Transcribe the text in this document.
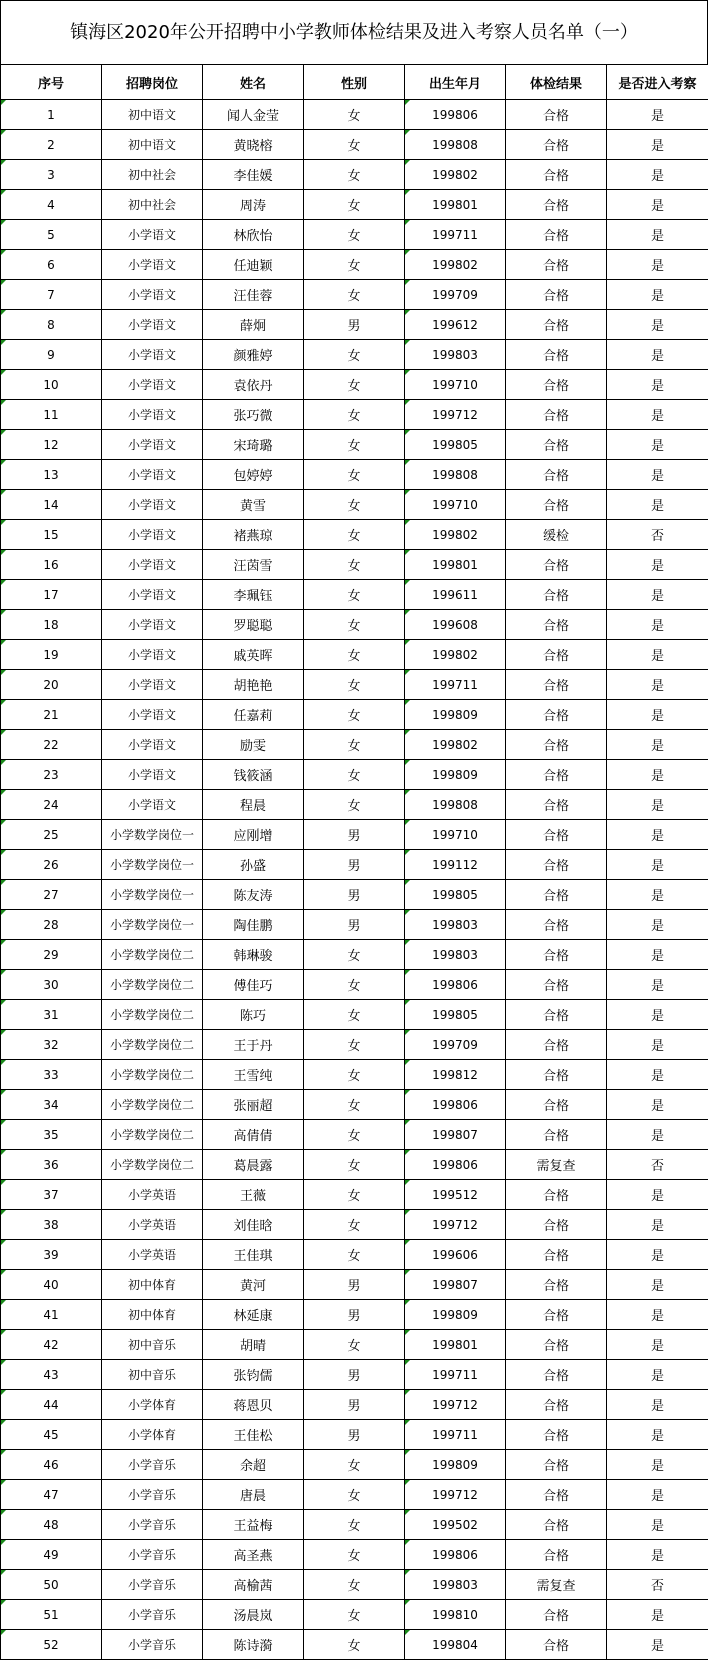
镇海区2020年公开招聘中小学教师体检结果及进入考察人员名单（一）
序号	招聘岗位	姓名	性别	出生年月	体检结果	是否进入考察
1	初中语文	闻人金莹	女	199806	合格	是
2	初中语文	黄晓榕	女	199808	合格	是
3	初中社会	李佳媛	女	199802	合格	是
4	初中社会	周涛	女	199801	合格	是
5	小学语文	林欣怡	女	199711	合格	是
6	小学语文	任迪颖	女	199802	合格	是
7	小学语文	汪佳蓉	女	199709	合格	是
8	小学语文	薛炯	男	199612	合格	是
9	小学语文	颜雅婷	女	199803	合格	是
10	小学语文	袁依丹	女	199710	合格	是
11	小学语文	张巧微	女	199712	合格	是
12	小学语文	宋琦璐	女	199805	合格	是
13	小学语文	包婷婷	女	199808	合格	是
14	小学语文	黄雪	女	199710	合格	是
15	小学语文	褚燕琼	女	199802	缓检	否
16	小学语文	汪茵雪	女	199801	合格	是
17	小学语文	李珮钰	女	199611	合格	是
18	小学语文	罗聪聪	女	199608	合格	是
19	小学语文	戚英晖	女	199802	合格	是
20	小学语文	胡艳艳	女	199711	合格	是
21	小学语文	任嘉莉	女	199809	合格	是
22	小学语文	励雯	女	199802	合格	是
23	小学语文	钱筱涵	女	199809	合格	是
24	小学语文	程晨	女	199808	合格	是
25	小学数学岗位一	应刚增	男	199710	合格	是
26	小学数学岗位一	孙盛	男	199112	合格	是
27	小学数学岗位一	陈友涛	男	199805	合格	是
28	小学数学岗位一	陶佳鹏	男	199803	合格	是
29	小学数学岗位二	韩琳骏	女	199803	合格	是
30	小学数学岗位二	傅佳巧	女	199806	合格	是
31	小学数学岗位二	陈巧	女	199805	合格	是
32	小学数学岗位二	王于丹	女	199709	合格	是
33	小学数学岗位二	王雪纯	女	199812	合格	是
34	小学数学岗位二	张丽超	女	199806	合格	是
35	小学数学岗位二	高倩倩	女	199807	合格	是
36	小学数学岗位二	葛晨露	女	199806	需复查	否
37	小学英语	王薇	女	199512	合格	是
38	小学英语	刘佳晗	女	199712	合格	是
39	小学英语	王佳琪	女	199606	合格	是
40	初中体育	黄河	男	199807	合格	是
41	初中体育	林延康	男	199809	合格	是
42	初中音乐	胡晴	女	199801	合格	是
43	初中音乐	张钧儒	男	199711	合格	是
44	小学体育	蒋恩贝	男	199712	合格	是
45	小学体育	王佳松	男	199711	合格	是
46	小学音乐	余超	女	199809	合格	是
47	小学音乐	唐晨	女	199712	合格	是
48	小学音乐	王益梅	女	199502	合格	是
49	小学音乐	高圣燕	女	199806	合格	是
50	小学音乐	高榆茜	女	199803	需复查	否
51	小学音乐	汤晨岚	女	199810	合格	是
52	小学音乐	陈诗漪	女	199804	合格	是
